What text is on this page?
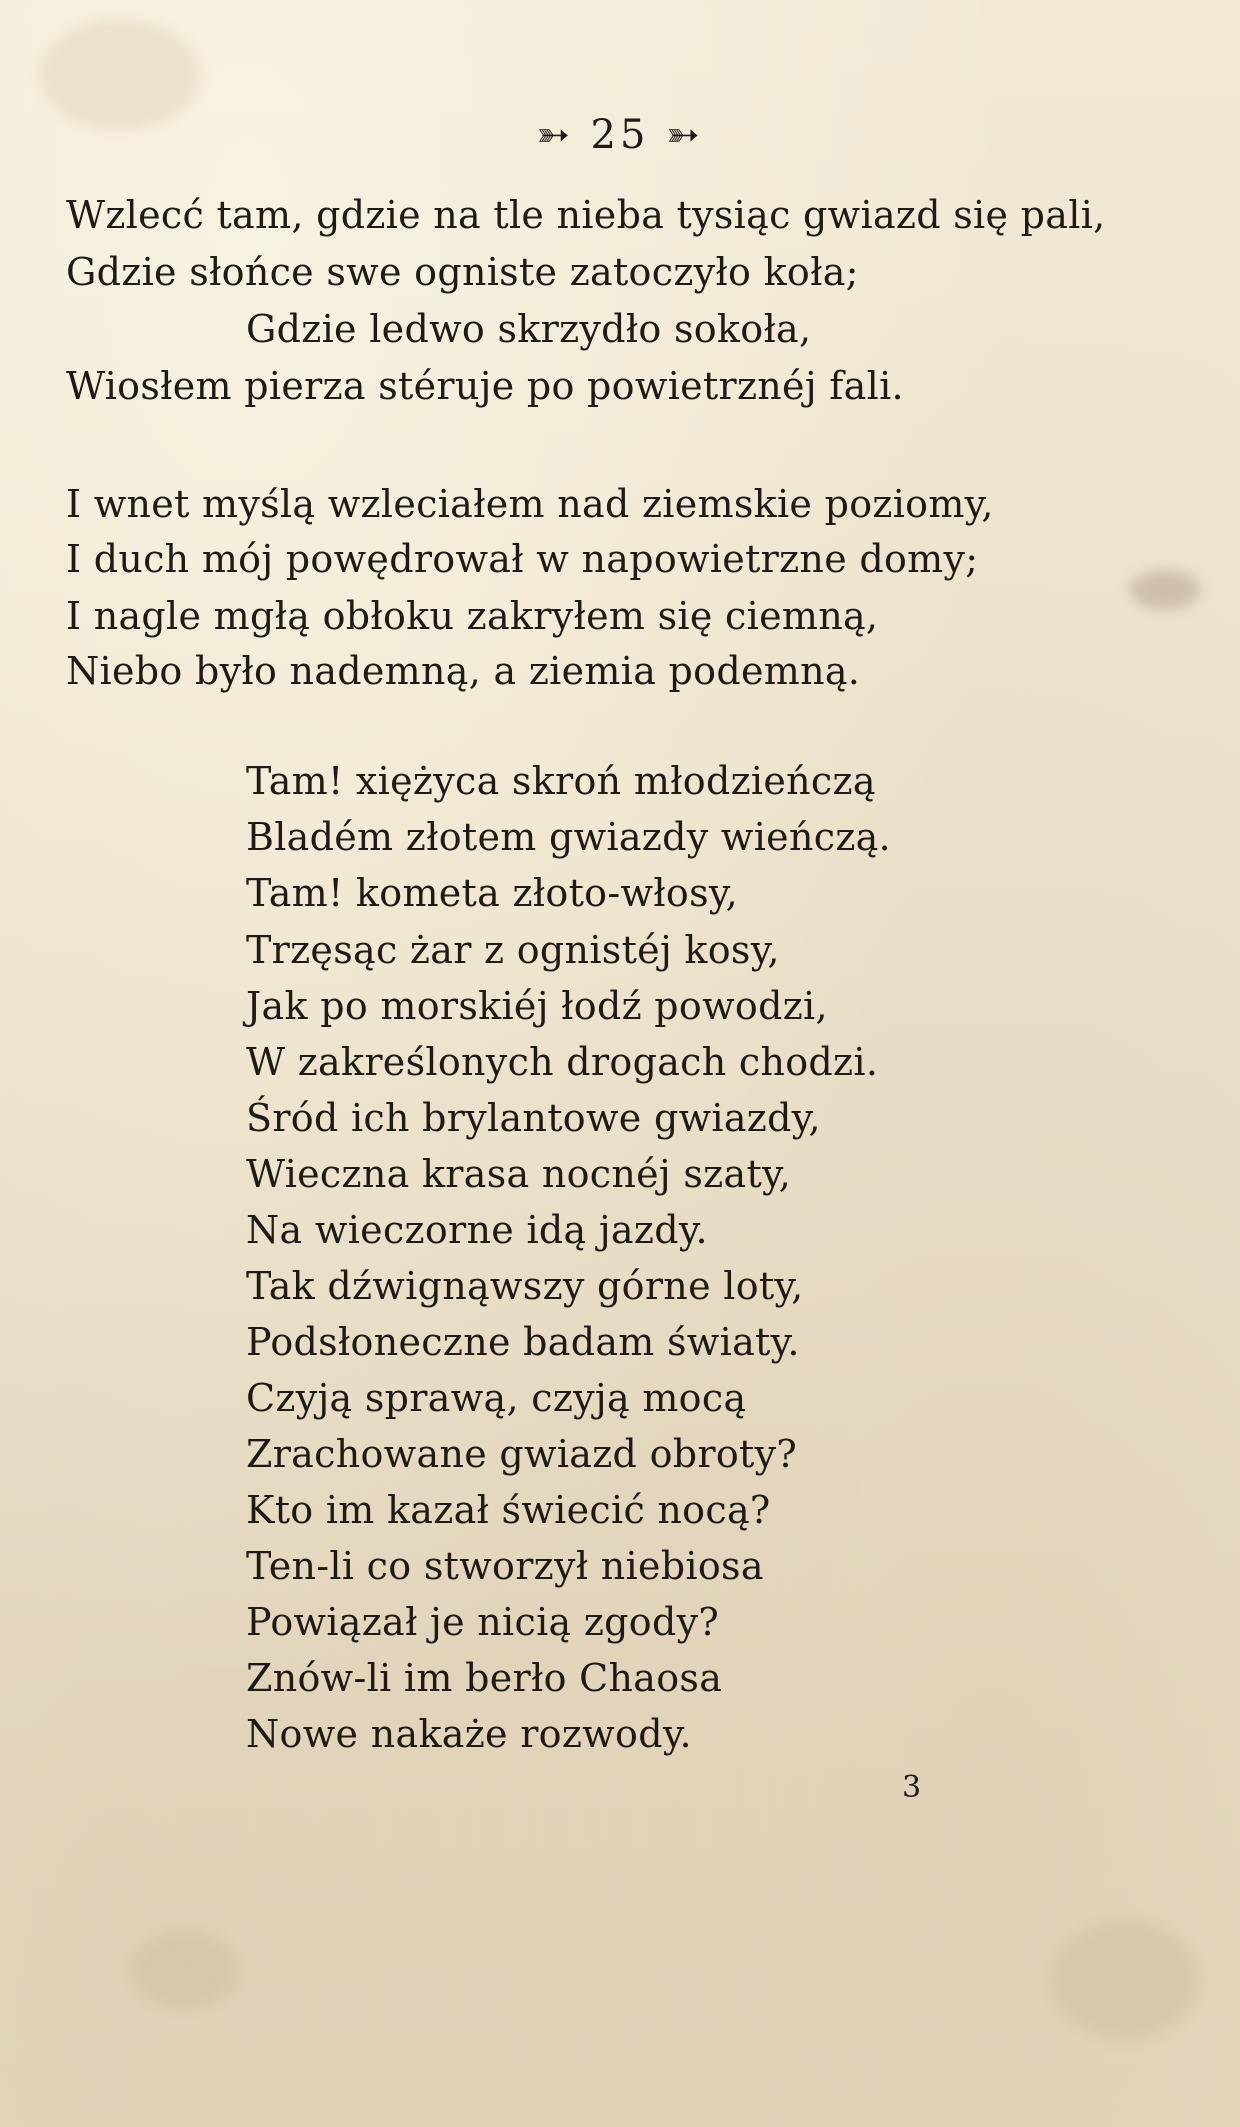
➳ 25 ➳
Wzlecć tam, gdzie na tle nieba tysiąc gwiazd się pali,
Gdzie słońce swe ogniste zatoczyło koła;
Gdzie ledwo skrzydło sokoła,
Wiosłem pierza stéruje po powietrznéj fali.
I wnet myślą wzleciałem nad ziemskie poziomy,
I duch mój powędrował w napowietrzne domy;
I nagle mgłą obłoku zakryłem się ciemną,
Niebo było nademną, a ziemia podemną.
Tam! xiężyca skroń młodzieńczą
Bladém złotem gwiazdy wieńczą.
Tam! kometa złoto-włosy,
Trzęsąc żar z ognistéj kosy,
Jak po morskiéj łodź powodzi,
W zakreślonych drogach chodzi.
Śród ich brylantowe gwiazdy,
Wieczna krasa nocnéj szaty,
Na wieczorne idą jazdy.
Tak dźwignąwszy górne loty,
Podsłoneczne badam światy.
Czyją sprawą, czyją mocą
Zrachowane gwiazd obroty?
Kto im kazał świecić nocą?
Ten-li co stworzył niebiosa
Powiązał je nicią zgody?
Znów-li im berło Chaosa
Nowe nakaże rozwody.
3
